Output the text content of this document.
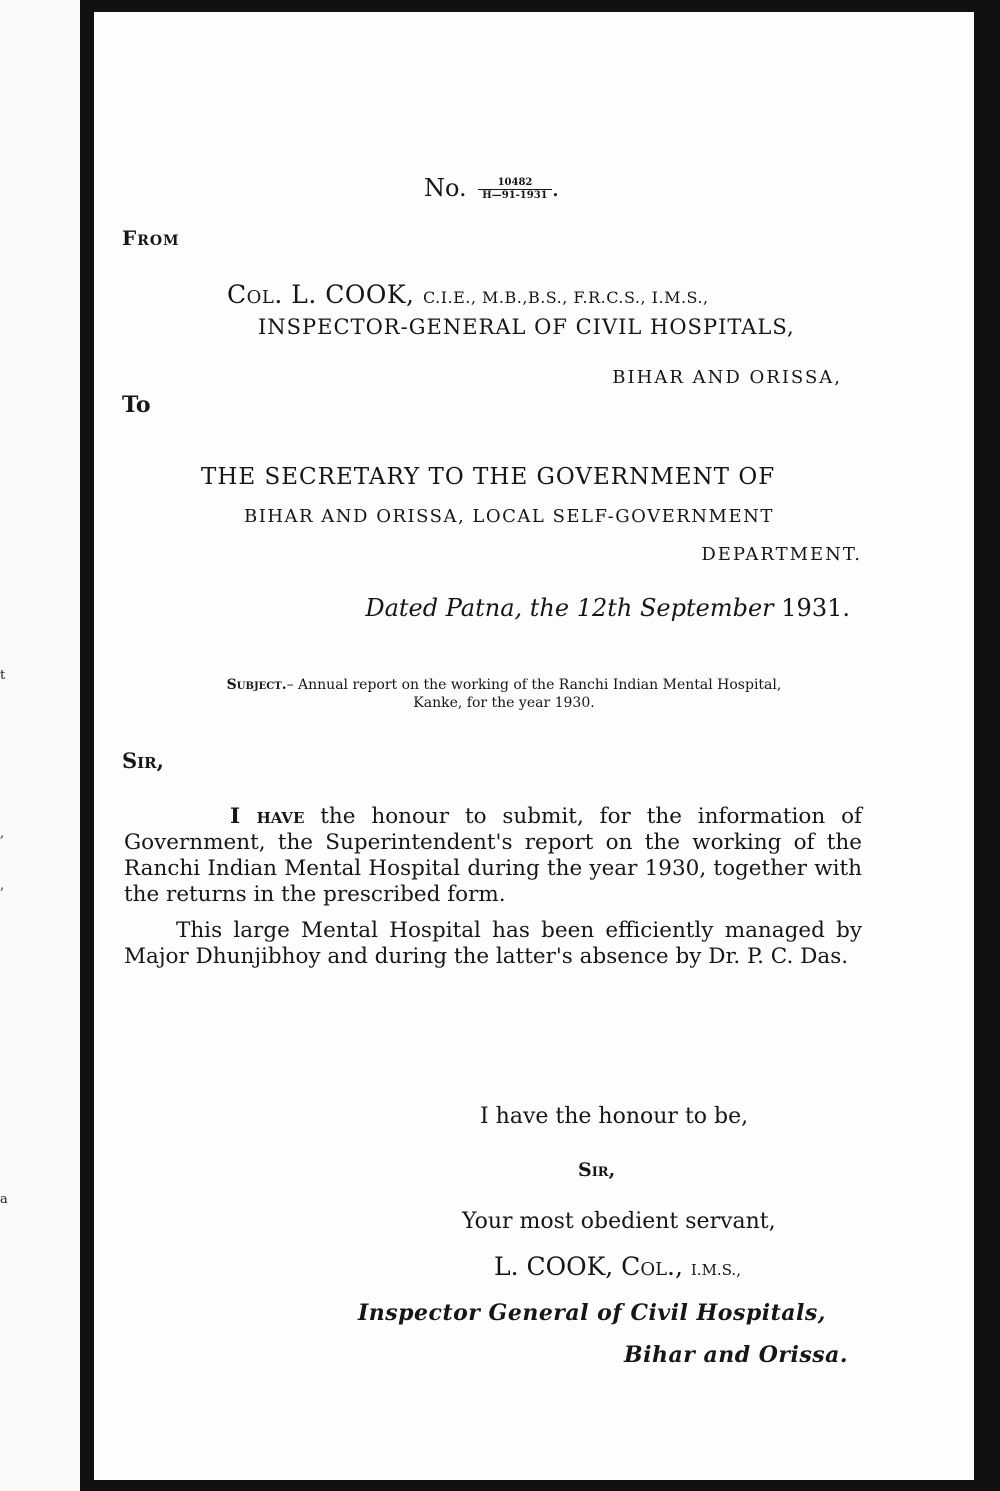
t
,
,
a
No. $\frac{10482}{H—91-1931}$ .
From
Col. L. COOK, C.I.E., M.B.,B.S., F.R.C.S., I.M.S.,
INSPECTOR-GENERAL OF CIVIL HOSPITALS,
BIHAR AND ORISSA,
To
THE SECRETARY TO THE GOVERNMENT OF
BIHAR AND ORISSA, LOCAL SELF-GOVERNMENT
DEPARTMENT.
Dated Patna, the 12th September 1931.
Subject.– Annual report on the working of the Ranchi Indian Mental Hospital,
Kanke, for the year 1930.
Sir,
I have the honour to submit, for the information of Government, the Superintendent's report on the working of the Ranchi Indian Mental Hospital during the year 1930, together with the returns in the prescribed form.
This large Mental Hospital has been efficiently managed by Major Dhunjibhoy and during the latter's absence by Dr. P. C. Das.
I have the honour to be,
Sir,
Your most obedient servant,
L. COOK, Col., I.M.S.,
Inspector General of Civil Hospitals,
Bihar and Orissa.
